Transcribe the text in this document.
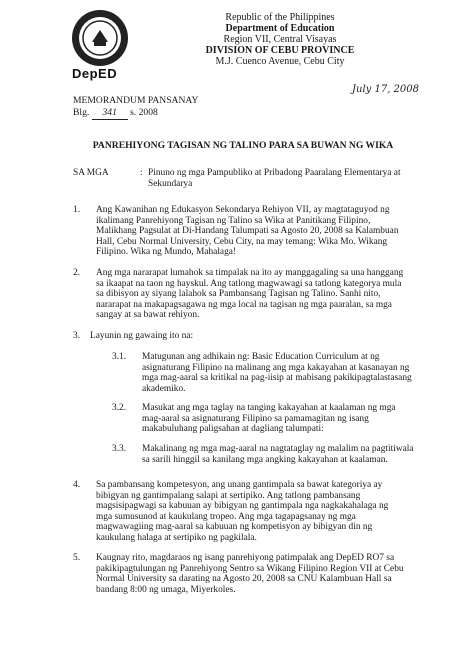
DepED
Republic of the Philippines
Department of Education
Region VII, Central Visayas
DIVISION OF CEBU PROVINCE
M.J. Cuenco Avenue, Cebu City
July 17, 2008
MEMORANDUM PANSANAY
Blg. 341 s. 2008
PANREHIYONG TAGISAN NG TALINO PARA SA BUWAN NG WIKA
SA MGA	: Pinuno ng mga Pampubliko at Pribadong Paaralang Elementarya at
Sekundarya
1. Ang Kawanihan ng Edukasyon Sekondarya Rehiyon VII, ay magtataguyod ng
ikalimang Panrehiyong Tagisan ng Talino sa Wika at Panitikang Filipino,
Malikhang Pagsulat at Di-Handang Talumpati sa Agosto 20, 2008 sa Kalambuan
Hall, Cebu Normal University, Cebu City, na may temang: Wika Mo. Wikang
Filipino. Wika ng Mundo, Mahalaga!
2. Ang mga nararapat lumahok sa timpalak na ito ay manggagaling sa una hanggang
sa ikaapat na taon ng hayskul. Ang tatlong magwawagi sa tatlong kategorya mula
sa dibisyon ay siyang lalahok sa Pambansang Tagisan ng Talino. Sanhi nito,
nararapat na makapagsagawa ng mga local na tagisan ng mga paaralan, sa mga
sangay at sa bawat rehiyon.
3. Layunin ng gawaing ito na:
3.1. Matugunan ang adhikain ng: Basic Education Curriculum at ng
asignaturang Filipino na malinang ang mga kakayahan at kasanayan ng
mga mag-aaral sa kritikal na pag-iisip at mabisang pakikipagtalastasang
akademiko.
3.2. Masukat ang mga taglay na tanging kakayahan at kaalaman ng mga
mag-aaral sa asignaturang Filipino sa pamamagitan ng isang
makabuluhang paligsahan at dagliang talumpati:
3.3. Makalinang ng mga mag-aaral na nagtataglay ng malalim na pagtitiwala
sa sarili hinggil sa kanilang mga angking kakayahan at kaalaman.
4. Sa pambansang kompetesyon, ang unang gantimpala sa bawat kategoriya ay
bibigyan ng gantimpalang salapi at sertipiko. Ang tatlong pambansang
magsisipagwagi sa kabuuan ay bibigyan ng gantimpala nga nagkakahalaga ng
mga sumusunod at kaukulang tropeo. Ang mga tagapagsanay ng mga
magwawagiing mag-aaral sa kabuuan ng kompetisyon ay bibigyan din ng
kaukulang halaga at sertipiko ng pagkilala.
5. Kaugnay rito, magdaraos ng isang panrehiyong patimpalak ang DepED RO7 sa
pakikipagtulungan ng Panrehiyong Sentro sa Wikang Filipino Region VII at Cebu
Normal University sa darating na Agosto 20, 2008 sa CNU Kalambuan Hall sa
bandang 8:00 ng umaga, Miyerkoles.
